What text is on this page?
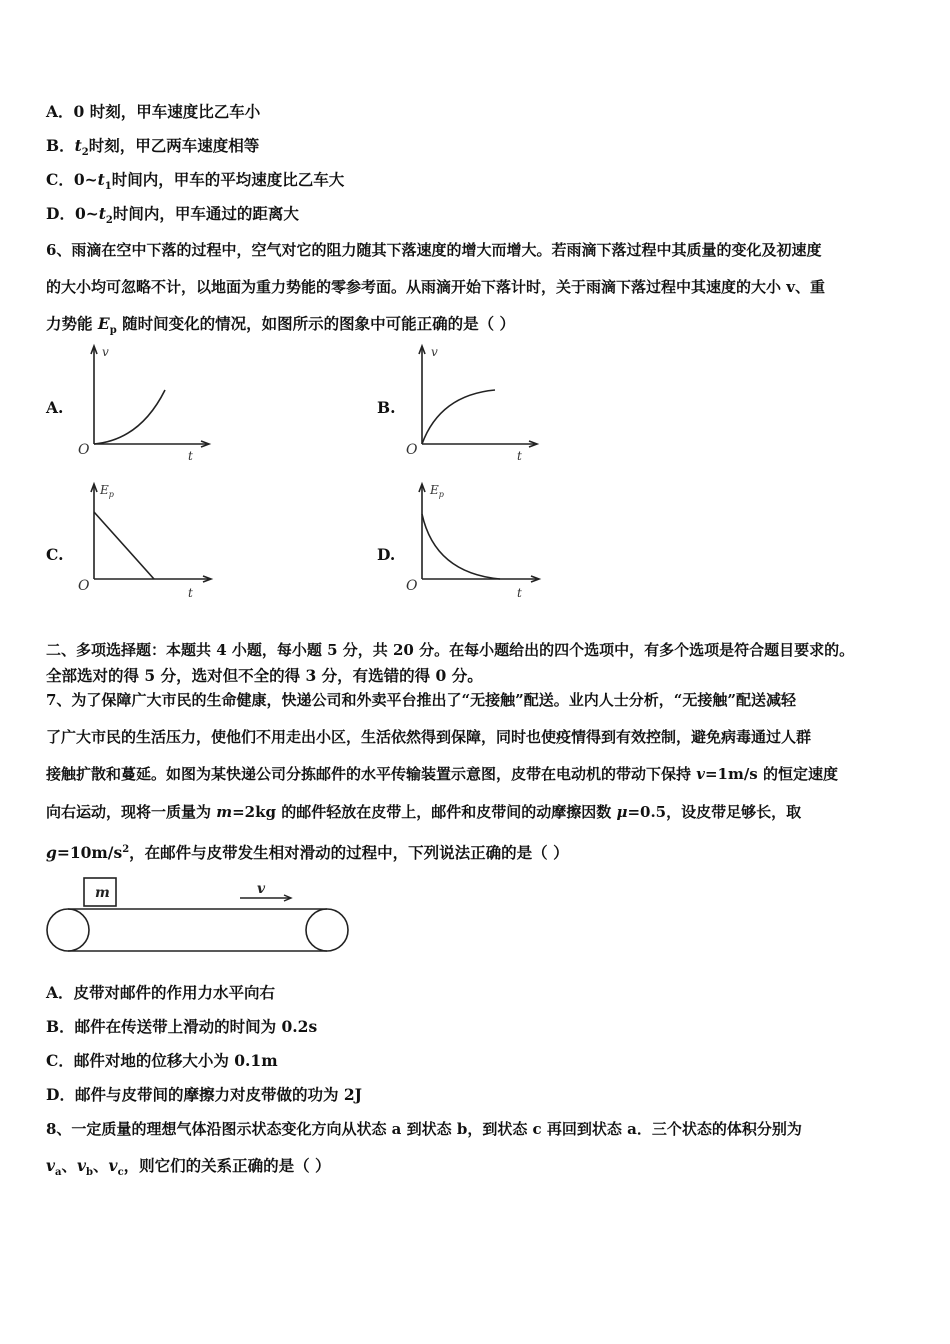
A．0 时刻，甲车速度比乙车小
B．$t_2$时刻，甲乙两车速度相等
C．$0\sim t_1$时间内，甲车的平均速度比乙车大
D．$0\sim t_2$时间内，甲车通过的距离大
6、雨滴在空中下落的过程中，空气对它的阻力随其下落速度的增大而增大。若雨滴下落过程中其质量的变化及初速度
的大小均可忽略不计，以地面为重力势能的零参考面。从雨滴开始下落计时，关于雨滴下落过程中其速度的大小 v、重
力势能 $E_p$ 随时间变化的情况，如图所示的图象中可能正确的是（ ）
A.
v
t
O
B.
v
t
O
C.
$E_p$
t
O
D.
$E_p$
t
O
二、多项选择题：本题共 4 小题，每小题 5 分，共 20 分。在每小题给出的四个选项中，有多个选项是符合题目要求的。
全部选对的得 5 分，选对但不全的得 3 分，有选错的得 0 分。
7、为了保障广大市民的生命健康，快递公司和外卖平台推出了“无接触”配送。业内人士分析，“无接触”配送减轻
了广大市民的生活压力，使他们不用走出小区，生活依然得到保障，同时也使疫情得到有效控制，避免病毒通过人群
接触扩散和蔓延。如图为某快递公司分拣邮件的水平传输装置示意图，皮带在电动机的带动下保持 v=1m/s 的恒定速度
向右运动，现将一质量为 m=2kg 的邮件轻放在皮带上，邮件和皮带间的动摩擦因数 μ=0.5，设皮带足够长，取
$g=10m/s^2$，在邮件与皮带发生相对滑动的过程中，下列说法正确的是（ ）
m	v
A．皮带对邮件的作用力水平向右
B．邮件在传送带上滑动的时间为 0.2s
C．邮件对地的位移大小为 0.1m
D．邮件与皮带间的摩擦力对皮带做的功为 2J
8、一定质量的理想气体沿图示状态变化方向从状态 a 到状态 b，到状态 c 再回到状态 a．三个状态的体积分别为
$v_a$、$v_b$、$v_c$，则它们的关系正确的是（ ）
